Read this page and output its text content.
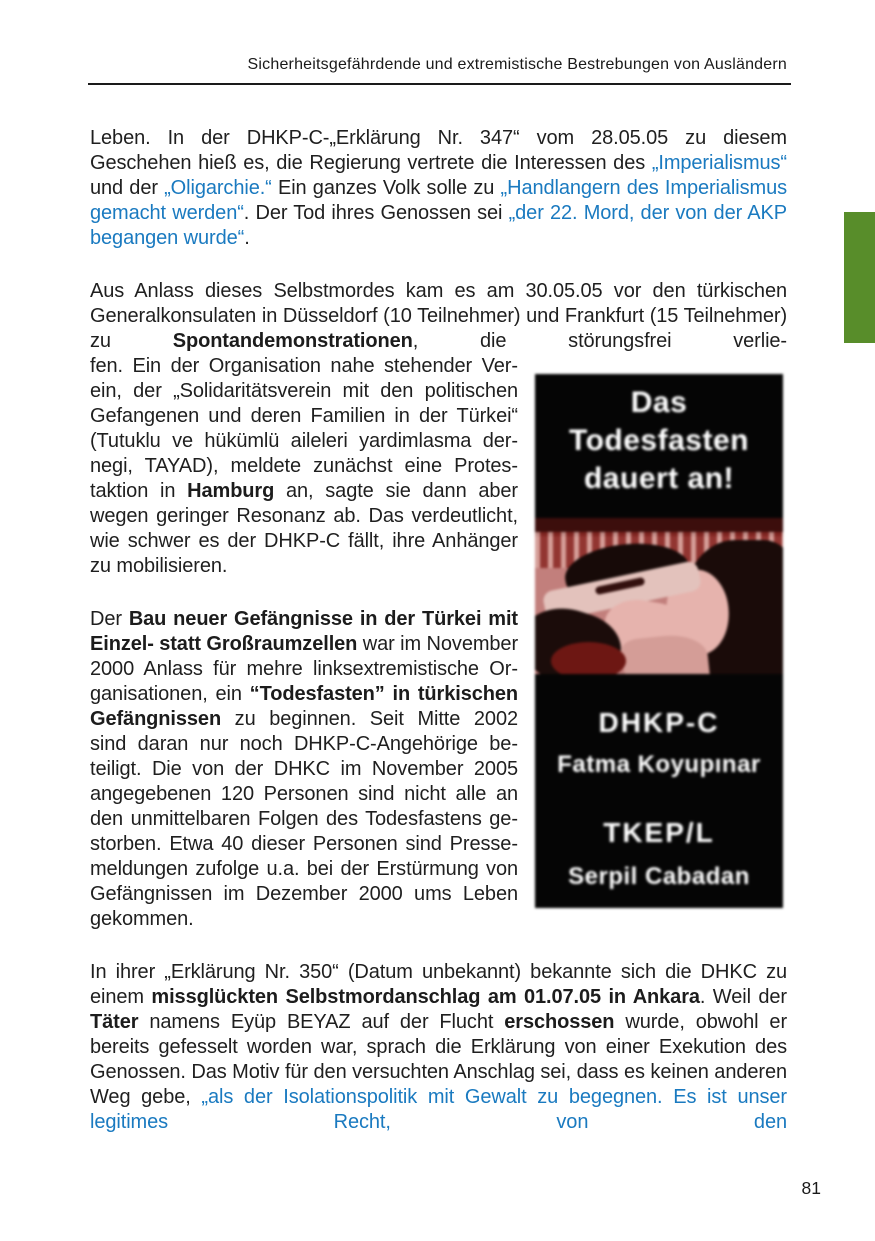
Sicherheitsgefährdende und extremistische Bestrebungen von Ausländern

Leben. In der DHKP-C-„Erklärung Nr. 347“ vom 28.05.05 zu diesem Geschehen hieß es, die Regierung vertrete die Interessen des „Imperialismus“ und der „Oligarchie.“ Ein ganzes Volk solle zu „Handlangern des Imperialismus gemacht werden“. Der Tod ihres Genossen sei „der 22. Mord, der von der AKP begangen wurde“.

Aus Anlass dieses Selbstmordes kam es am 30.05.05 vor den türkischen Generalkonsulaten in Düsseldorf (10 Teilnehmer) und Frankfurt (15 Teilnehmer) zu Spontandemonstrationen, die störungsfrei verlie-

fen. Ein der Organisation nahe stehender Verein, der „Solidaritätsverein mit den politischen Gefangenen und deren Familien in der Türkei“ (Tutuklu ve hükümlü aileleri yardimlasma dernegi, TAYAD), meldete zunächst eine Protestaktion in Hamburg an, sagte sie dann aber wegen geringer Resonanz ab. Das verdeutlicht, wie schwer es der DHKP-C fällt, ihre Anhänger zu mobilisieren.

Der Bau neuer Gefängnisse in der Türkei mit Einzel- statt Großraumzellen war im November 2000 Anlass für mehre linksextremistische Organisationen, ein “Todesfasten” in türkischen Gefängnissen zu beginnen. Seit Mitte 2002 sind daran nur noch DHKP-C-Angehörige beteiligt. Die von der DHKC im November 2005 angegebenen 120 Personen sind nicht alle an den unmittelbaren Folgen des Todesfastens gestorben. Etwa 40 dieser Personen sind Pressemeldungen zufolge u.a. bei der Erstürmung von Gefängnissen im Dezember 2000 ums Leben gekommen.

In ihrer „Erklärung Nr. 350“ (Datum unbekannt) bekannte sich die DHKC zu einem missglückten Selbstmordanschlag am 01.07.05 in Ankara. Weil der Täter namens Eyüp BEYAZ auf der Flucht erschossen wurde, obwohl er bereits gefesselt worden war, sprach die Erklärung von einer Exekution des Genossen. Das Motiv für den versuchten Anschlag sei, dass es keinen anderen Weg gebe, „als der Isolationspolitik mit Gewalt zu begegnen. Es ist unser legitimes Recht, von den

Das
Todesfasten
dauert an!
DHKP-C
Fatma Koyupınar
TKEP/L
Serpil Cabadan
81
